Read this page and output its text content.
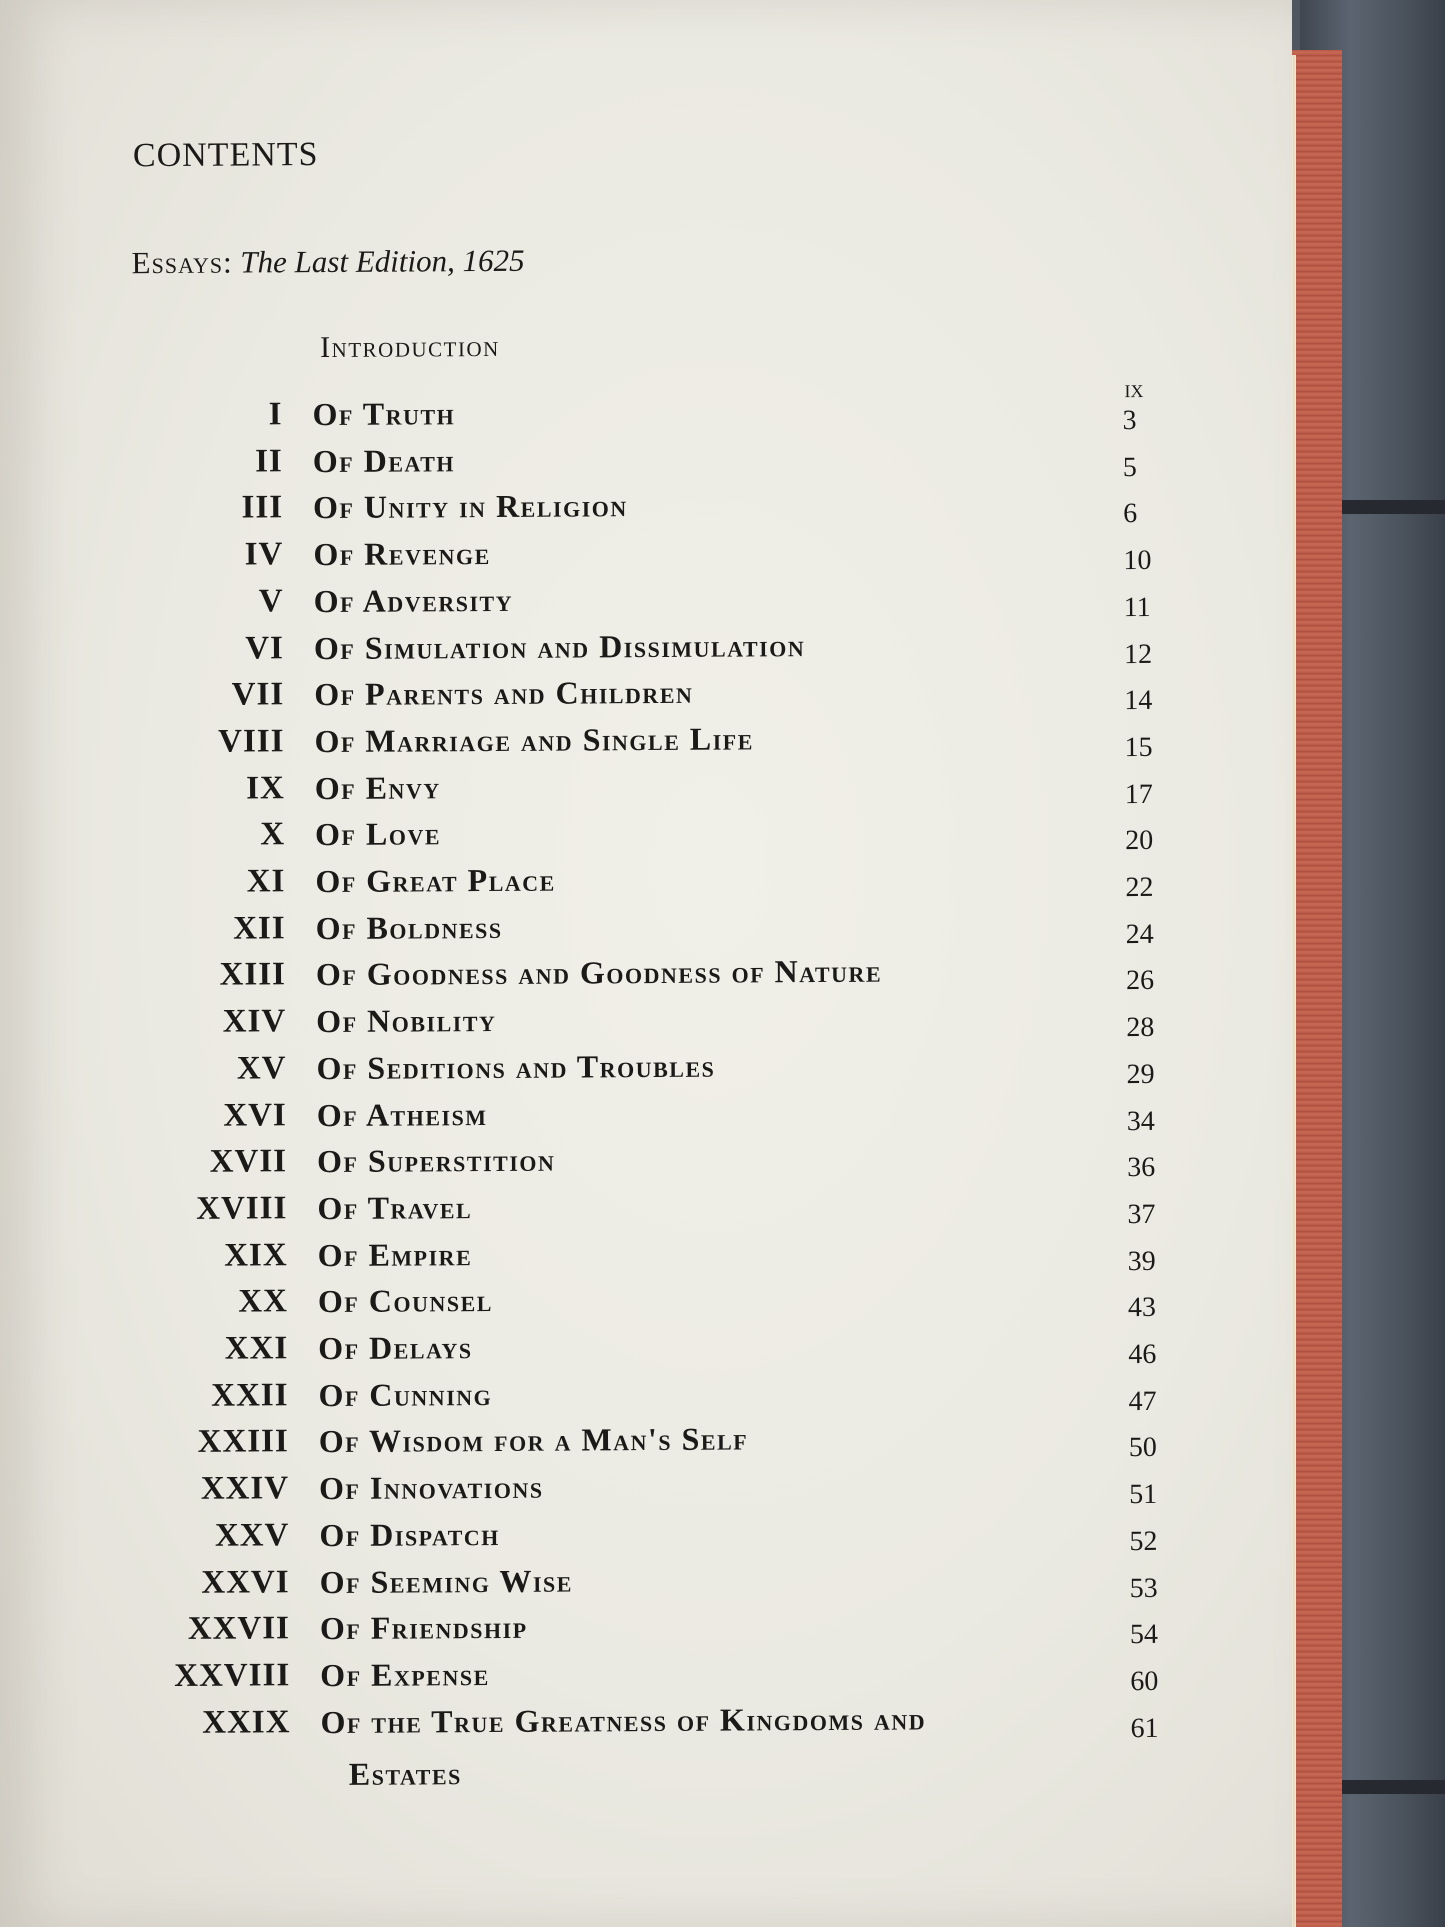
CONTENTS
Essays: The Last Edition, 1625
Introduction
ix
I Of Truth	3
II Of Death	5
III Of Unity in Religion	6
IV Of Revenge	10
V Of Adversity	11
VI Of Simulation and Dissimulation	12
VII Of Parents and Children	14
VIII Of Marriage and Single Life	15
IX Of Envy	17
X Of Love	20
XI Of Great Place	22
XII Of Boldness	24
XIII Of Goodness and Goodness of Nature	26
XIV Of Nobility	28
XV Of Seditions and Troubles	29
XVI Of Atheism	34
XVII Of Superstition	36
XVIII Of Travel	37
XIX Of Empire	39
XX Of Counsel	43
XXI Of Delays	46
XXII Of Cunning	47
XXIII Of Wisdom for a Man's Self	50
XXIV Of Innovations	51
XXV Of Dispatch	52
XXVI Of Seeming Wise	53
XXVII Of Friendship	54
XXVIII Of Expense	60
XXIX Of the True Greatness of Kingdoms and	61
Estates
